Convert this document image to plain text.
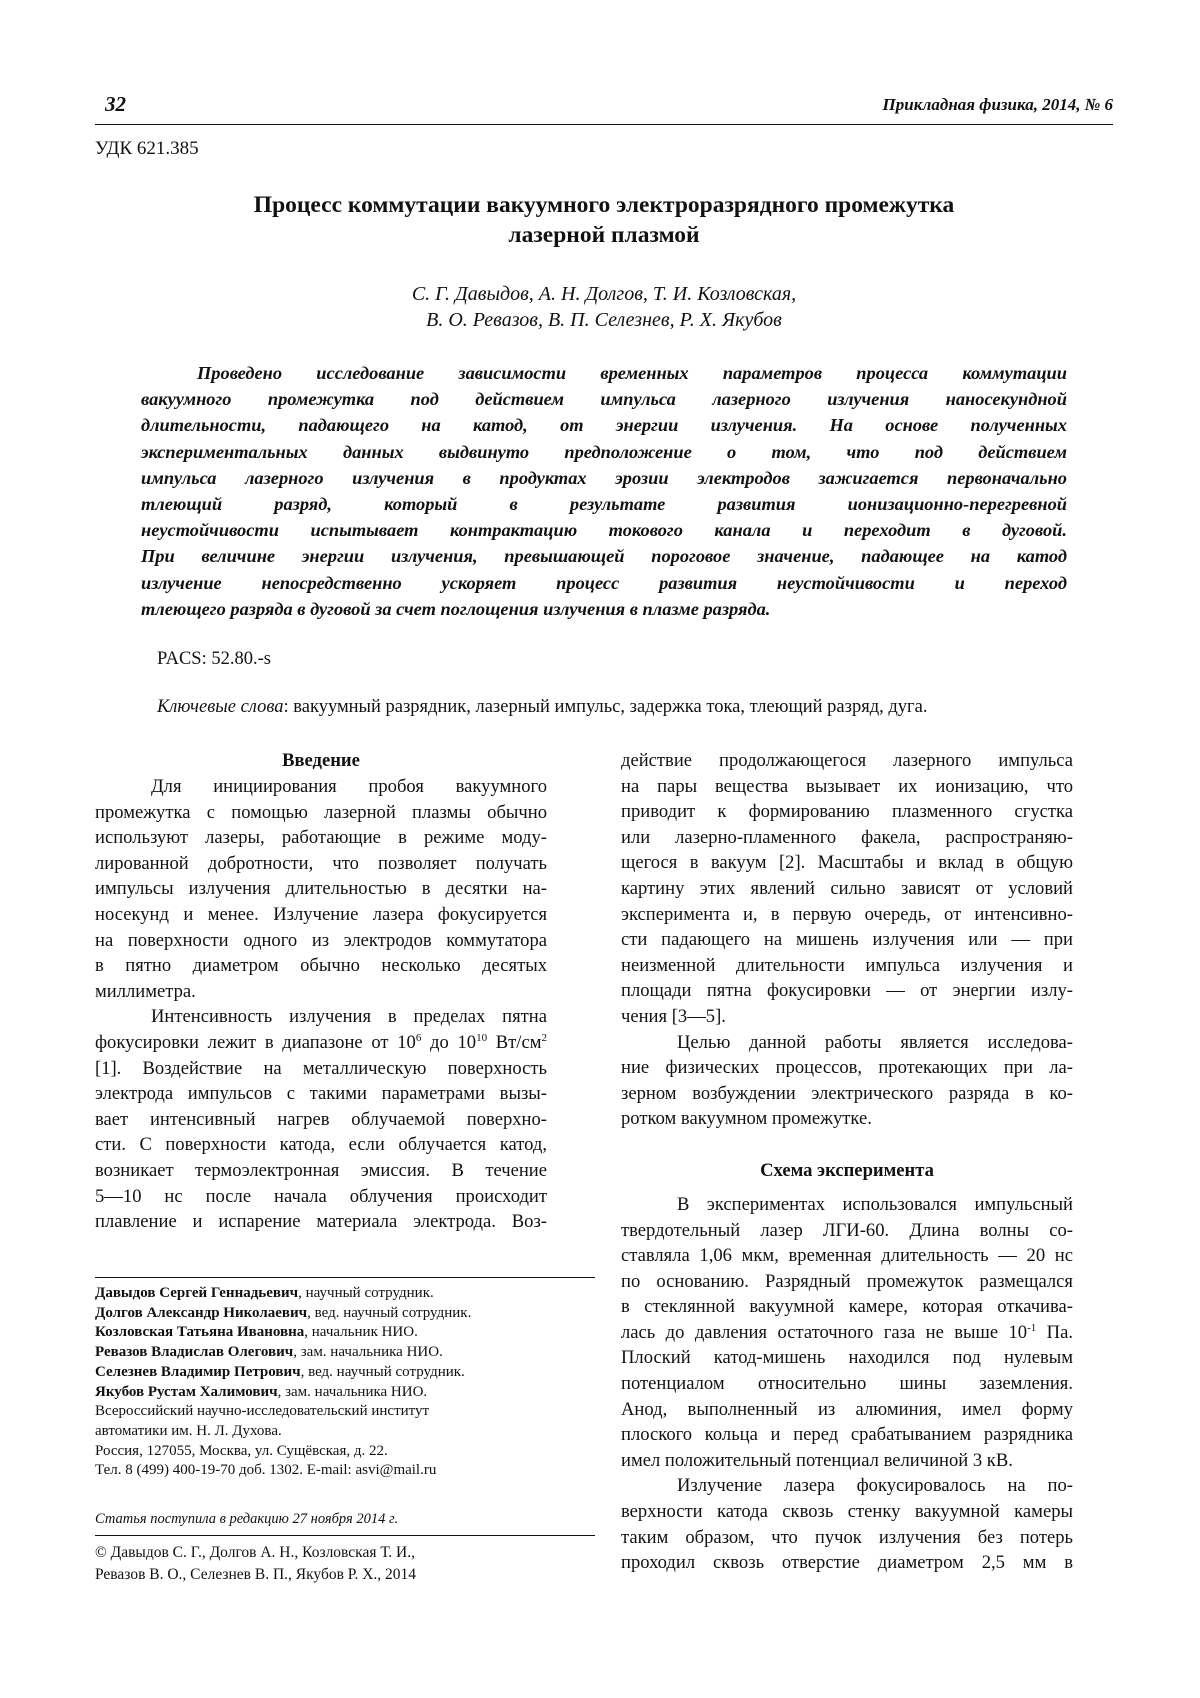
32	Прикладная физика, 2014, № 6
УДК 621.385
Процесс коммутации вакуумного электроразрядного промежутка
лазерной плазмой
С. Г. Давыдов, А. Н. Долгов, Т. И. Козловская,
В. О. Ревазов, В. П. Селезнев, Р. Х. Якубов
Проведено исследование зависимости временных параметров процесса коммутации
вакуумного промежутка под действием импульса лазерного излучения наносекундной
длительности, падающего на катод, от энергии излучения. На основе полученных
экспериментальных данных выдвинуто предположение о том, что под действием
импульса лазерного излучения в продуктах эрозии электродов зажигается первоначально
тлеющий разряд, который в результате развития ионизационно-перегревной
неустойчивости испытывает контрактацию токового канала и переходит в дуговой.
При величине энергии излучения, превышающей пороговое значение, падающее на катод
излучение непосредственно ускоряет процесс развития неустойчивости и переход
тлеющего разряда в дуговой за счет поглощения излучения в плазме разряда.
PACS: 52.80.-s
Ключевые слова: вакуумный разрядник, лазерный импульс, задержка тока, тлеющий разряд, дуга.
Введение
Для инициирования пробоя вакуумного
промежутка с помощью лазерной плазмы обычно
используют лазеры, работающие в режиме моду-
лированной добротности, что позволяет получать
импульсы излучения длительностью в десятки на-
носекунд и менее. Излучение лазера фокусируется
на поверхности одного из электродов коммутатора
в пятно диаметром обычно несколько десятых
миллиметра.
Интенсивность излучения в пределах пятна
фокусировки лежит в диапазоне от $10^6$ до $10^{10}$ $Вт/см^2$
[1]. Воздействие на металлическую поверхность
электрода импульсов с такими параметрами вызы-
вает интенсивный нагрев облучаемой поверхно-
сти. С поверхности катода, если облучается катод,
возникает термоэлектронная эмиссия. В течение
5—10 нс после начала облучения происходит
плавление и испарение материала электрода. Воз-
действие продолжающегося лазерного импульса
на пары вещества вызывает их ионизацию, что
приводит к формированию плазменного сгустка
или лазерно-пламенного факела, распространяю-
щегося в вакуум [2]. Масштабы и вклад в общую
картину этих явлений сильно зависят от условий
эксперимента и, в первую очередь, от интенсивно-
сти падающего на мишень излучения или — при
неизменной длительности импульса излучения и
площади пятна фокусировки — от энергии излу-
чения [3—5].
Целью данной работы является исследова-
ние физических процессов, протекающих при ла-
зерном возбуждении электрического разряда в ко-
ротком вакуумном промежутке.
Схема эксперимента
В экспериментах использовался импульсный
твердотельный лазер ЛГИ-60. Длина волны со-
ставляла 1,06 мкм, временная длительность — 20 нс
по основанию. Разрядный промежуток размещался
в стеклянной вакуумной камере, которая откачива-
лась до давления остаточного газа не выше $10^{-1}$ Па.
Плоский катод-мишень находился под нулевым
потенциалом относительно шины заземления.
Анод, выполненный из алюминия, имел форму
плоского кольца и перед срабатыванием разрядника
имел положительный потенциал величиной 3 кВ.
Излучение лазера фокусировалось на по-
верхности катода сквозь стенку вакуумной камеры
таким образом, что пучок излучения без потерь
проходил сквозь отверстие диаметром 2,5 мм в
Давыдов Сергей Геннадьевич, научный сотрудник.
Долгов Александр Николаевич, вед. научный сотрудник.
Козловская Татьяна Ивановна, начальник НИО.
Ревазов Владислав Олегович, зам. начальника НИО.
Селезнев Владимир Петрович, вед. научный сотрудник.
Якубов Рустам Халимович, зам. начальника НИО.
Всероссийский научно-исследовательский институт
автоматики им. Н. Л. Духова.
Россия, 127055, Москва, ул. Сущёвская, д. 22.
Тел. 8 (499) 400-19-70 доб. 1302. E-mail: asvi@mail.ru
Статья поступила в редакцию 27 ноября 2014 г.
© Давыдов С. Г., Долгов А. Н., Козловская Т. И.,
Ревазов В. О., Селезнев В. П., Якубов Р. Х., 2014
